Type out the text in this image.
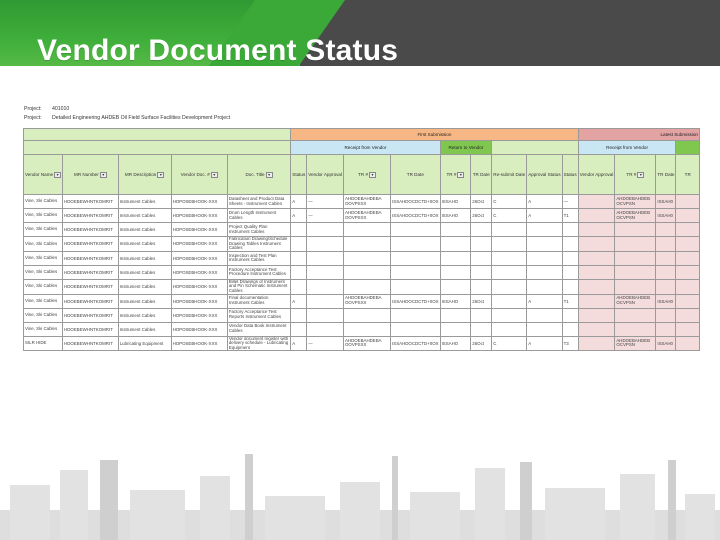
Vendor Document Status
Project: 401010
Project: Detailed Engineering AHDEB Oil Field Surface Facilities Development Project
					First Submission									Latest Submission			
					Receipt from Vendor				Return to Vendor					Receipt from Vendor			
Vendor Name ▾	MR Number ▾	MR Description ▾	Vendor Doc. # ▾	Doc. Title ▾	Status	Vendor Approval	TR # ▾	TR Date	TR # ▾	TR Date	Re-submit Date	Approval Status	Status	Vendor Approval	TR # ▾	TR Date	TR
Vine, Ski Cables	HDOEBEWHNTKOMRIT	Instrument Cables	HOPOSEBHOOK-XXX	Datasheet and Product Data Sheets - Instrument Cables	A	—	AHDOEBAHDEBA OOVPSXX	ISSAHDOCDCTD+0OX	ISSAHO	26Oct	C	A	—		AHDOEBAHDEB OCVPSN	ISSAH0	
Vine, Ski Cables	HDOEBEWHNTKOMRIT	Instrument Cables	HOPOSEBHOOK-XXX	Drum Length Instrument Cables	A	—	AHDOEBAHDEBA OOVPSXX	ISSAHDOCDCTD+0OX	ISSAHO	26Oct	C	A	T1		AHDOEBAHDEB OCVPSN	ISSAH0	
Vine, Ski Cables	HDOEBEWHNTKOMRIT	Instrument Cables	HOPOSEBHOOK-XXX	Project Quality Plan Instrument Cables													
Vine, Ski Cables	HDOEBEWHNTKOMRIT	Instrument Cables	HOPOSEBHOOK-XXX	Fabrication Drawing/Schedule Drawing Tables Instrument Cables													
Vine, Ski Cables	HDOEBEWHNTKOMRIT	Instrument Cables	HOPOSEBHOOK-XXX	Inspection and Test Plan Instrument Cables													
Vine, Ski Cables	HDOEBEWHNTKOMRIT	Instrument Cables	HOPOSEBHOOK-XXX	Factory Acceptance Test Procedure Instrument Cables													
Vine, Ski Cables	HDOEBEWHNTKOMRIT	Instrument Cables	HOPOSEBHOOK-XXX	Billet Drawings of Instrument and Pin Schematic Instrument Cables													
Vine, Ski Cables	HDOEBEWHNTKOMRIT	Instrument Cables	HOPOSEBHOOK-XXX	Final documentation Instrument Cables	A		AHDOEBAHDEBA OOVPSXX	ISSAHDOCDCTD+0OX	ISSAHO	26Oct		A	T1		AHDOEBAHDEB OCVPSN	ISSAH0	
Vine, Ski Cables	HDOEBEWHNTKOMRIT	Instrument Cables	HOPOSEBHOOK-XXX	Factory Acceptance Test Reports Instrument Cables													
Vine, Ski Cables	HDOEBEWHNTKOMRIT	Instrument Cables	HOPOSEBHOOK-XXX	Vendor Data Book Instrument Cables													
SILR HIDE	HDOEBEWHNTKOMRIT	Lubricating Equipment	HOPOSEBHOOK-XXX	Vendor document register with delivery schedule - Lubricating Equipment	A	—	AHDOEBAHDEBA OOVPSXX	ISSAHDOCDCTD+0OX	ISSAHO	26Oct	C	A	T3		AHDOEBAHDEB OCVPSN	ISSAH0	
